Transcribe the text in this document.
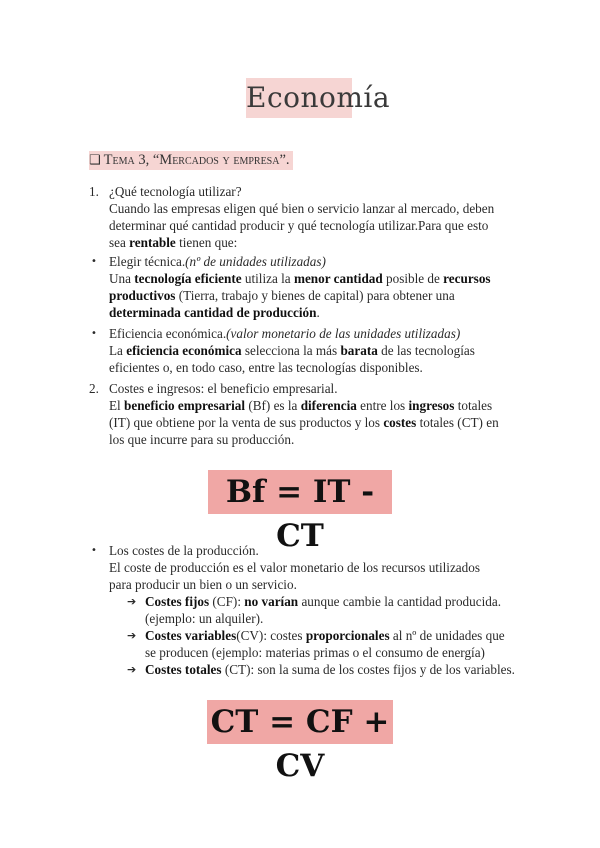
Economía
❑ Tema 3, “Mercados y empresa”.
1. ¿Qué tecnología utilizar?
Cuando las empresas eligen qué bien o servicio lanzar al mercado, deben
determinar qué cantidad producir y qué tecnología utilizar.Para que esto
sea rentable tienen que:
• Elegir técnica.(nº de unidades utilizadas)
Una tecnología eficiente utiliza la menor cantidad posible de recursos
productivos (Tierra, trabajo y bienes de capital) para obtener una
determinada cantidad de producción.
• Eficiencia económica.(valor monetario de las unidades utilizadas)
La eficiencia económica selecciona la más barata de las tecnologías
eficientes o, en todo caso, entre las tecnologías disponibles.
2. Costes e ingresos: el beneficio empresarial.
El beneficio empresarial (Bf) es la diferencia entre los ingresos totales
(IT) que obtiene por la venta de sus productos y los costes totales (CT) en
los que incurre para su producción.
Bf = IT - CT
• Los costes de la producción.
El coste de producción es el valor monetario de los recursos utilizados
para producir un bien o un servicio.
➔ Costes fijos (CF): no varían aunque cambie la cantidad producida.
(ejemplo: un alquiler).
➔ Costes variables(CV): costes proporcionales al nº de unidades que
se producen (ejemplo: materias primas o el consumo de energía)
➔ Costes totales (CT): son la suma de los costes fijos y de los variables.
CT = CF + CV
